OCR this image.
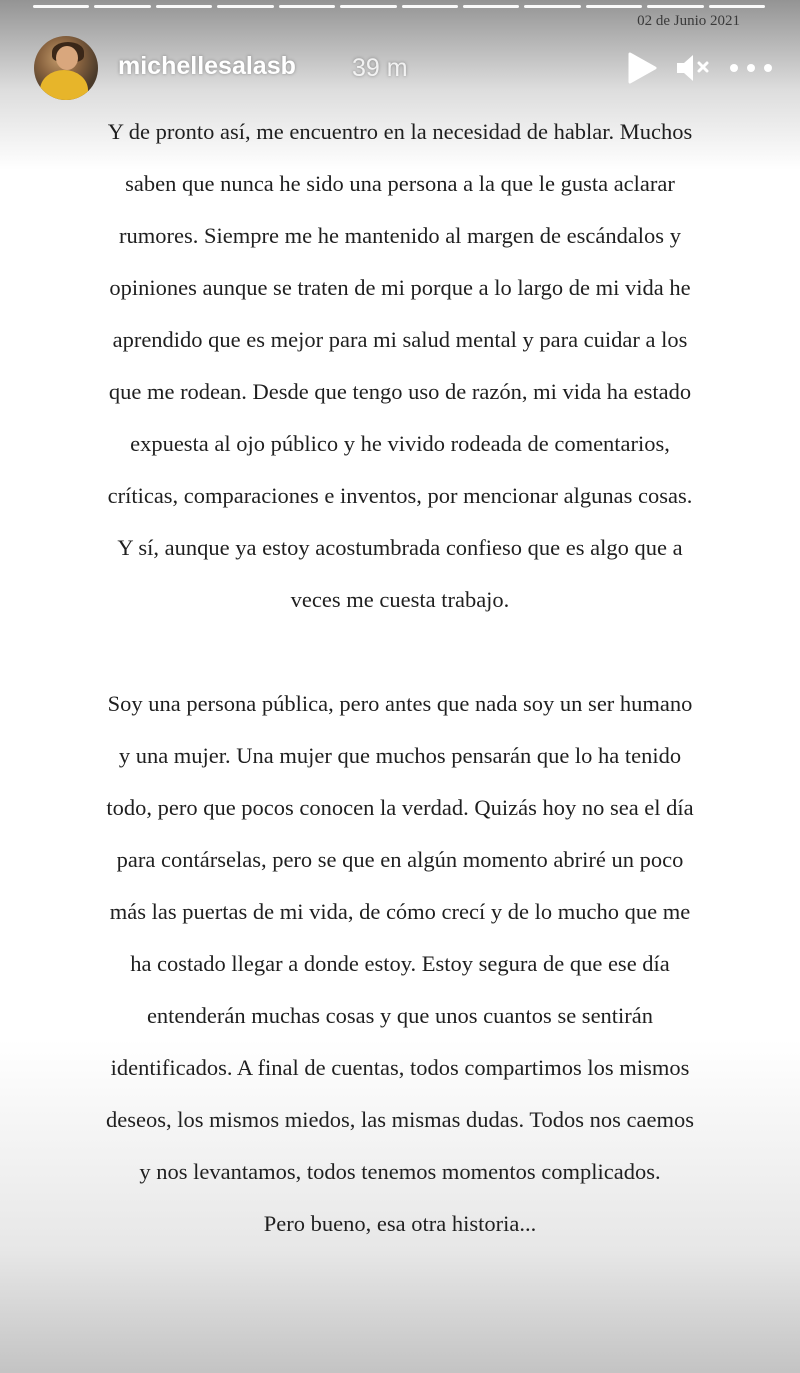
02 de Junio 2021
michellesalasb 39 m
Y de pronto así, me encuentro en la necesidad de hablar. Muchos
saben que nunca he sido una persona a la que le gusta aclarar
rumores. Siempre me he mantenido al margen de escándalos y
opiniones aunque se traten de mi porque a lo largo de mi vida he
aprendido que es mejor para mi salud mental y para cuidar a los
que me rodean. Desde que tengo uso de razón, mi vida ha estado
expuesta al ojo público y he vivido rodeada de comentarios,
críticas, comparaciones e inventos, por mencionar algunas cosas.
Y sí, aunque ya estoy acostumbrada confieso que es algo que a
veces me cuesta trabajo.
Soy una persona pública, pero antes que nada soy un ser humano
y una mujer. Una mujer que muchos pensarán que lo ha tenido
todo, pero que pocos conocen la verdad. Quizás hoy no sea el día
para contárselas, pero se que en algún momento abriré un poco
más las puertas de mi vida, de cómo crecí y de lo mucho que me
ha costado llegar a donde estoy. Estoy segura de que ese día
entenderán muchas cosas y que unos cuantos se sentirán
identificados. A final de cuentas, todos compartimos los mismos
deseos, los mismos miedos, las mismas dudas. Todos nos caemos
y nos levantamos, todos tenemos momentos complicados.
Pero bueno, esa otra historia...
